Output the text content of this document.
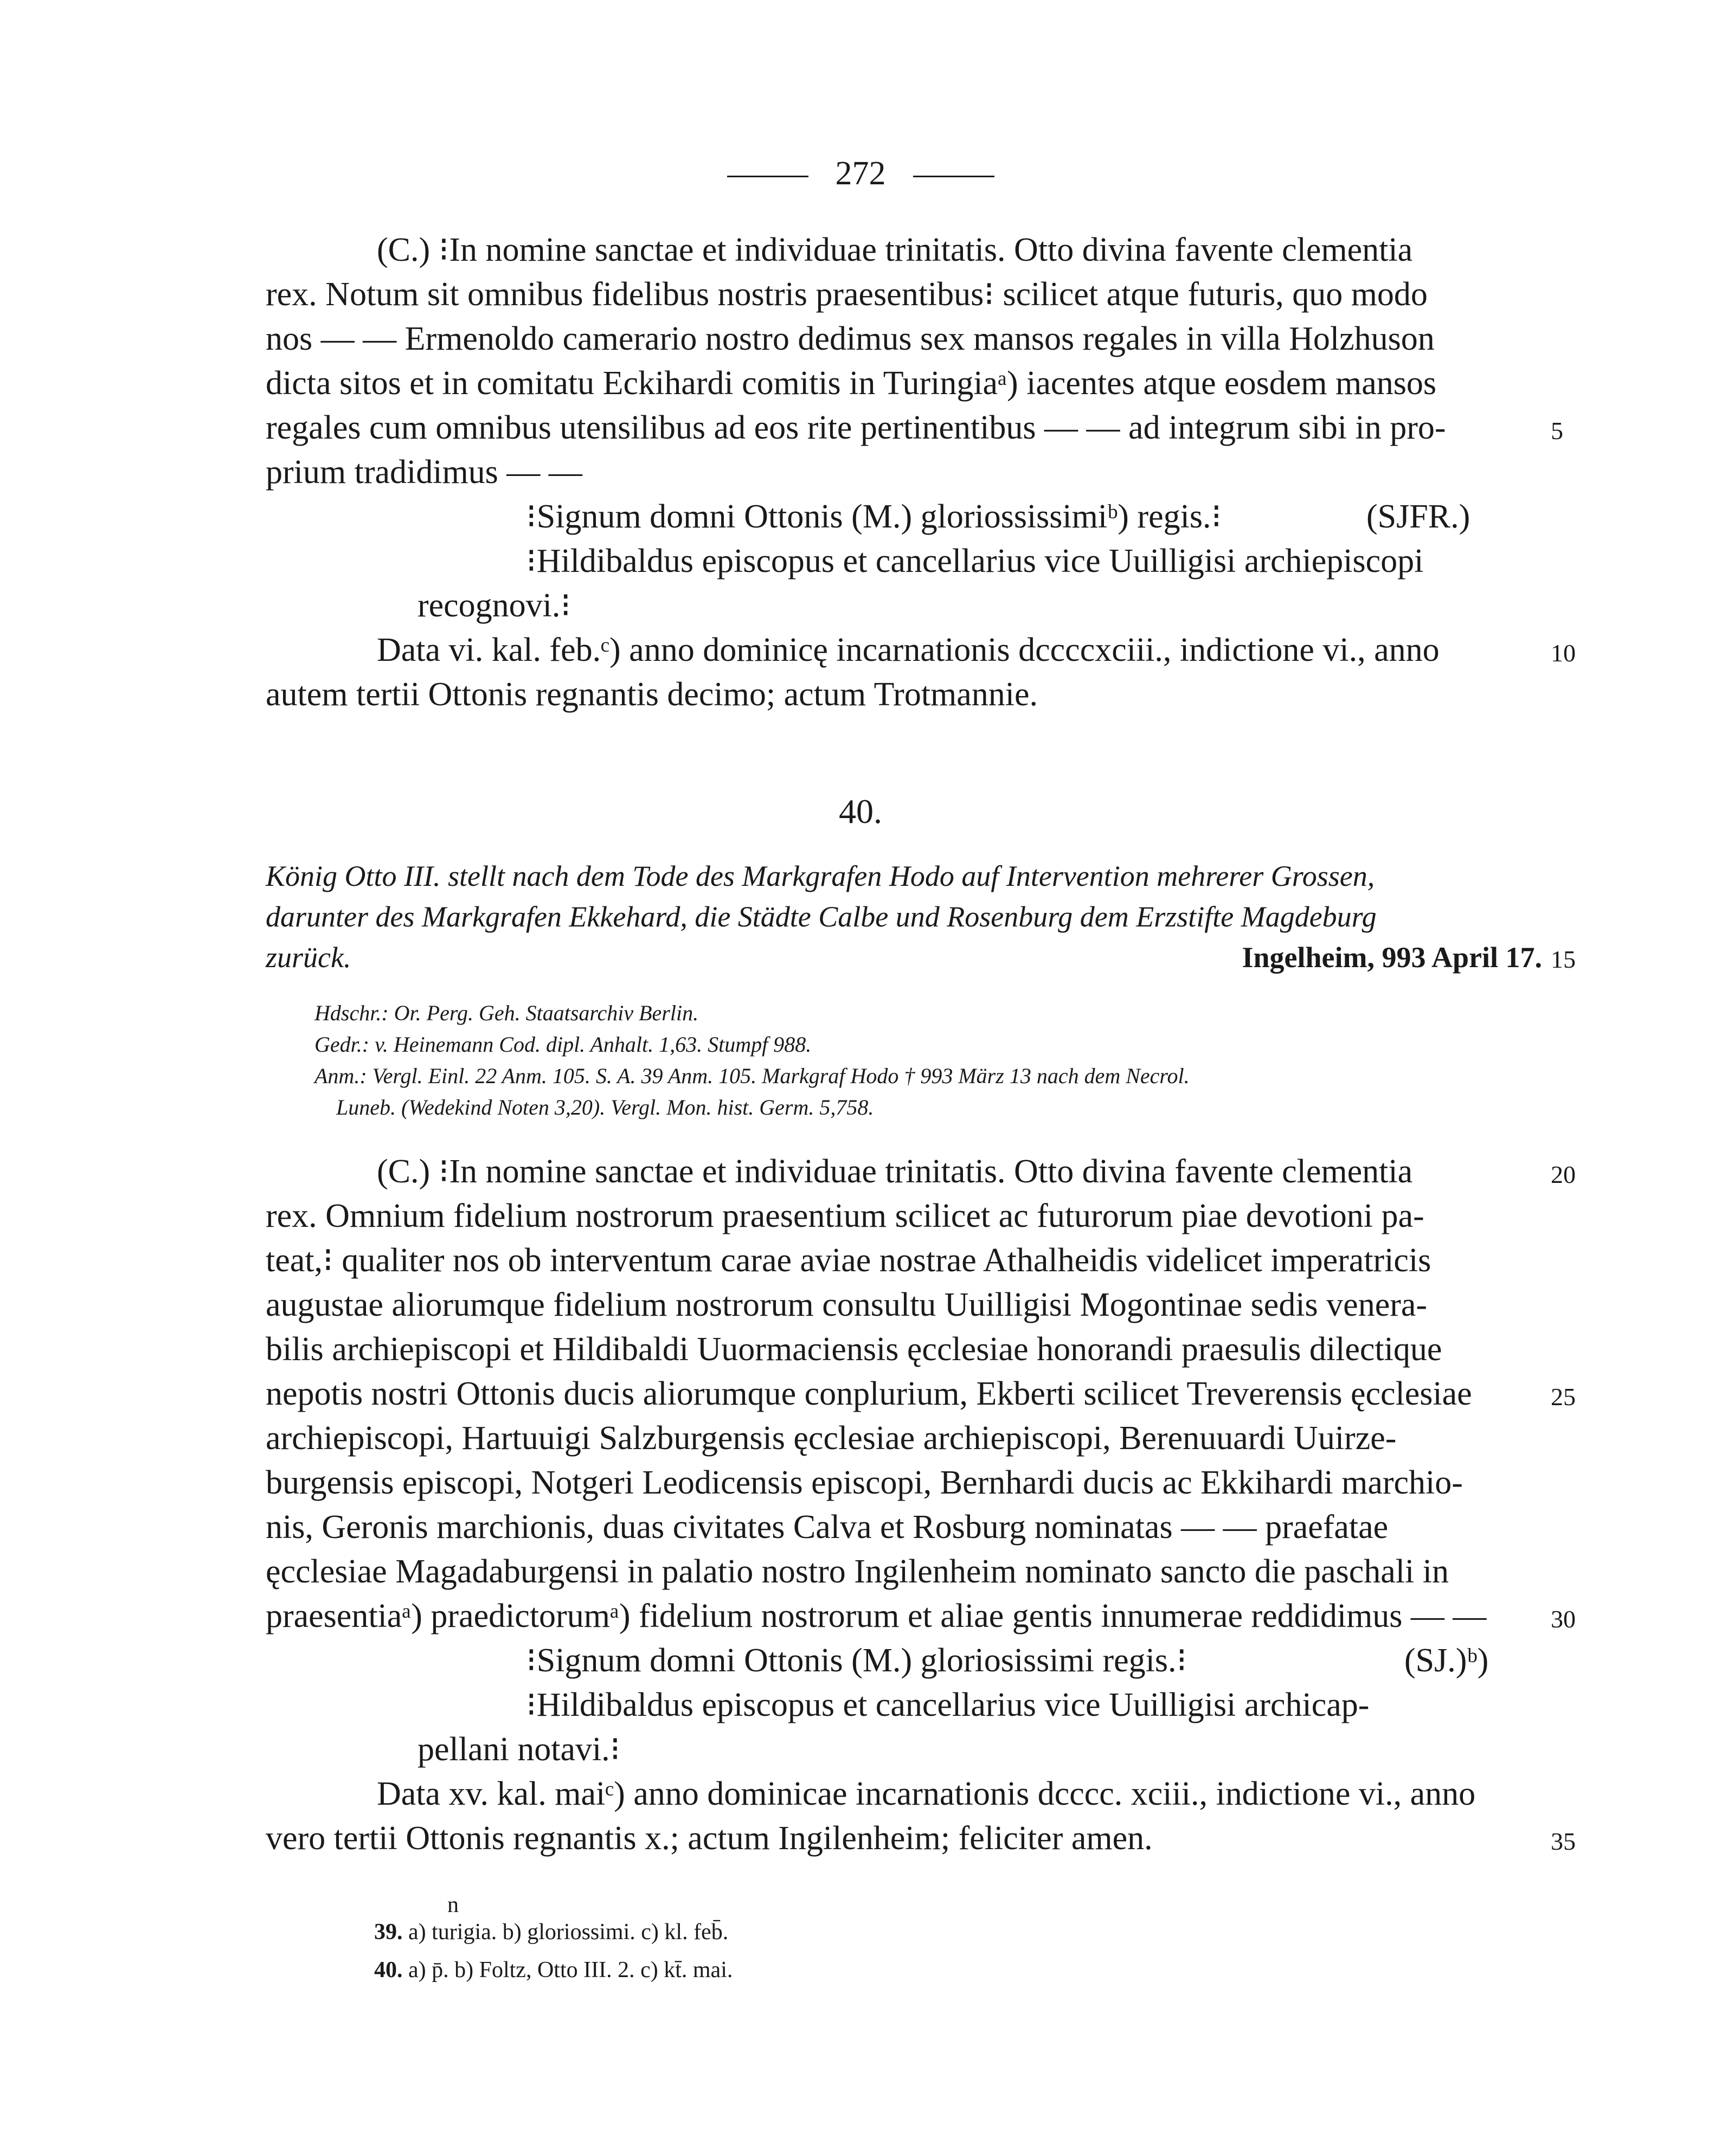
272
(C.) ⁝In nomine sanctae et individuae trinitatis. Otto divina favente clementia
rex. Notum sit omnibus fidelibus nostris praesentibus⁝ scilicet atque futuris, quo modo
nos — — Ermenoldo camerario nostro dedimus sex mansos regales in villa Holzhuson
dicta sitos et in comitatu Eckihardi comitis in Turingiaᵃ) iacentes atque eosdem mansos
regales cum omnibus utensilibus ad eos rite pertinentibus — — ad integrum sibi in pro-	5
prium tradidimus — —
⁝Signum domni Ottonis (M.) gloriossissimiᵇ) regis.⁝	(SJFR.)
⁝Hildibaldus episcopus et cancellarius vice Uuilligisi archiepiscopi
recognovi.⁝
Data vi. kal. feb.ᶜ) anno dominicę incarnationis dccccxciii., indictione vi., anno	10
autem tertii Ottonis regnantis decimo; actum Trotmannie.
40.
König Otto III. stellt nach dem Tode des Markgrafen Hodo auf Intervention mehrerer Grossen,
darunter des Markgrafen Ekkehard, die Städte Calbe und Rosenburg dem Erzstifte Magdeburg
zurück.	Ingelheim, 993 April 17. 15
Hdschr.: Or. Perg. Geh. Staatsarchiv Berlin.
Gedr.: v. Heinemann Cod. dipl. Anhalt. 1,63. Stumpf 988.
Anm.: Vergl. Einl. 22 Anm. 105. S. A. 39 Anm. 105. Markgraf Hodo † 993 März 13 nach dem Necrol.
Luneb. (Wedekind Noten 3,20). Vergl. Mon. hist. Germ. 5,758.
(C.) ⁝In nomine sanctae et individuae trinitatis. Otto divina favente clementia	20
rex. Omnium fidelium nostrorum praesentium scilicet ac futurorum piae devotioni pa-
teat,⁝ qualiter nos ob interventum carae aviae nostrae Athalheidis videlicet imperatricis
augustae aliorumque fidelium nostrorum consultu Uuilligisi Mogontinae sedis venera-
bilis archiepiscopi et Hildibaldi Uuormaciensis ęcclesiae honorandi praesulis dilectique
nepotis nostri Ottonis ducis aliorumque conplurium, Ekberti scilicet Treverensis ęcclesiae	25
archiepiscopi, Hartuuigi Salzburgensis ęcclesiae archiepiscopi, Berenuuardi Uuirze-
burgensis episcopi, Notgeri Leodicensis episcopi, Bernhardi ducis ac Ekkihardi marchio-
nis, Geronis marchionis, duas civitates Calva et Rosburg nominatas — — praefatae
ęcclesiae Magadaburgensi in palatio nostro Ingilenheim nominato sancto die paschali in
praesentiaᵃ) praedictorumᵃ) fidelium nostrorum et aliae gentis innumerae reddidimus — —	30
⁝Signum domni Ottonis (M.) gloriosissimi regis.⁝	(SJ.)ᵇ)
⁝Hildibaldus episcopus et cancellarius vice Uuilligisi archicap-
pellani notavi.⁝
Data xv. kal. maiᶜ) anno dominicae incarnationis dcccc. xciii., indictione vi., anno
vero tertii Ottonis regnantis x.; actum Ingilenheim; feliciter amen.	35
n
39. a) turigia. b) gloriossimi. c) kl. feb̄.
40. a) p̄. b) Foltz, Otto III. 2. c) kt̄. mai.
